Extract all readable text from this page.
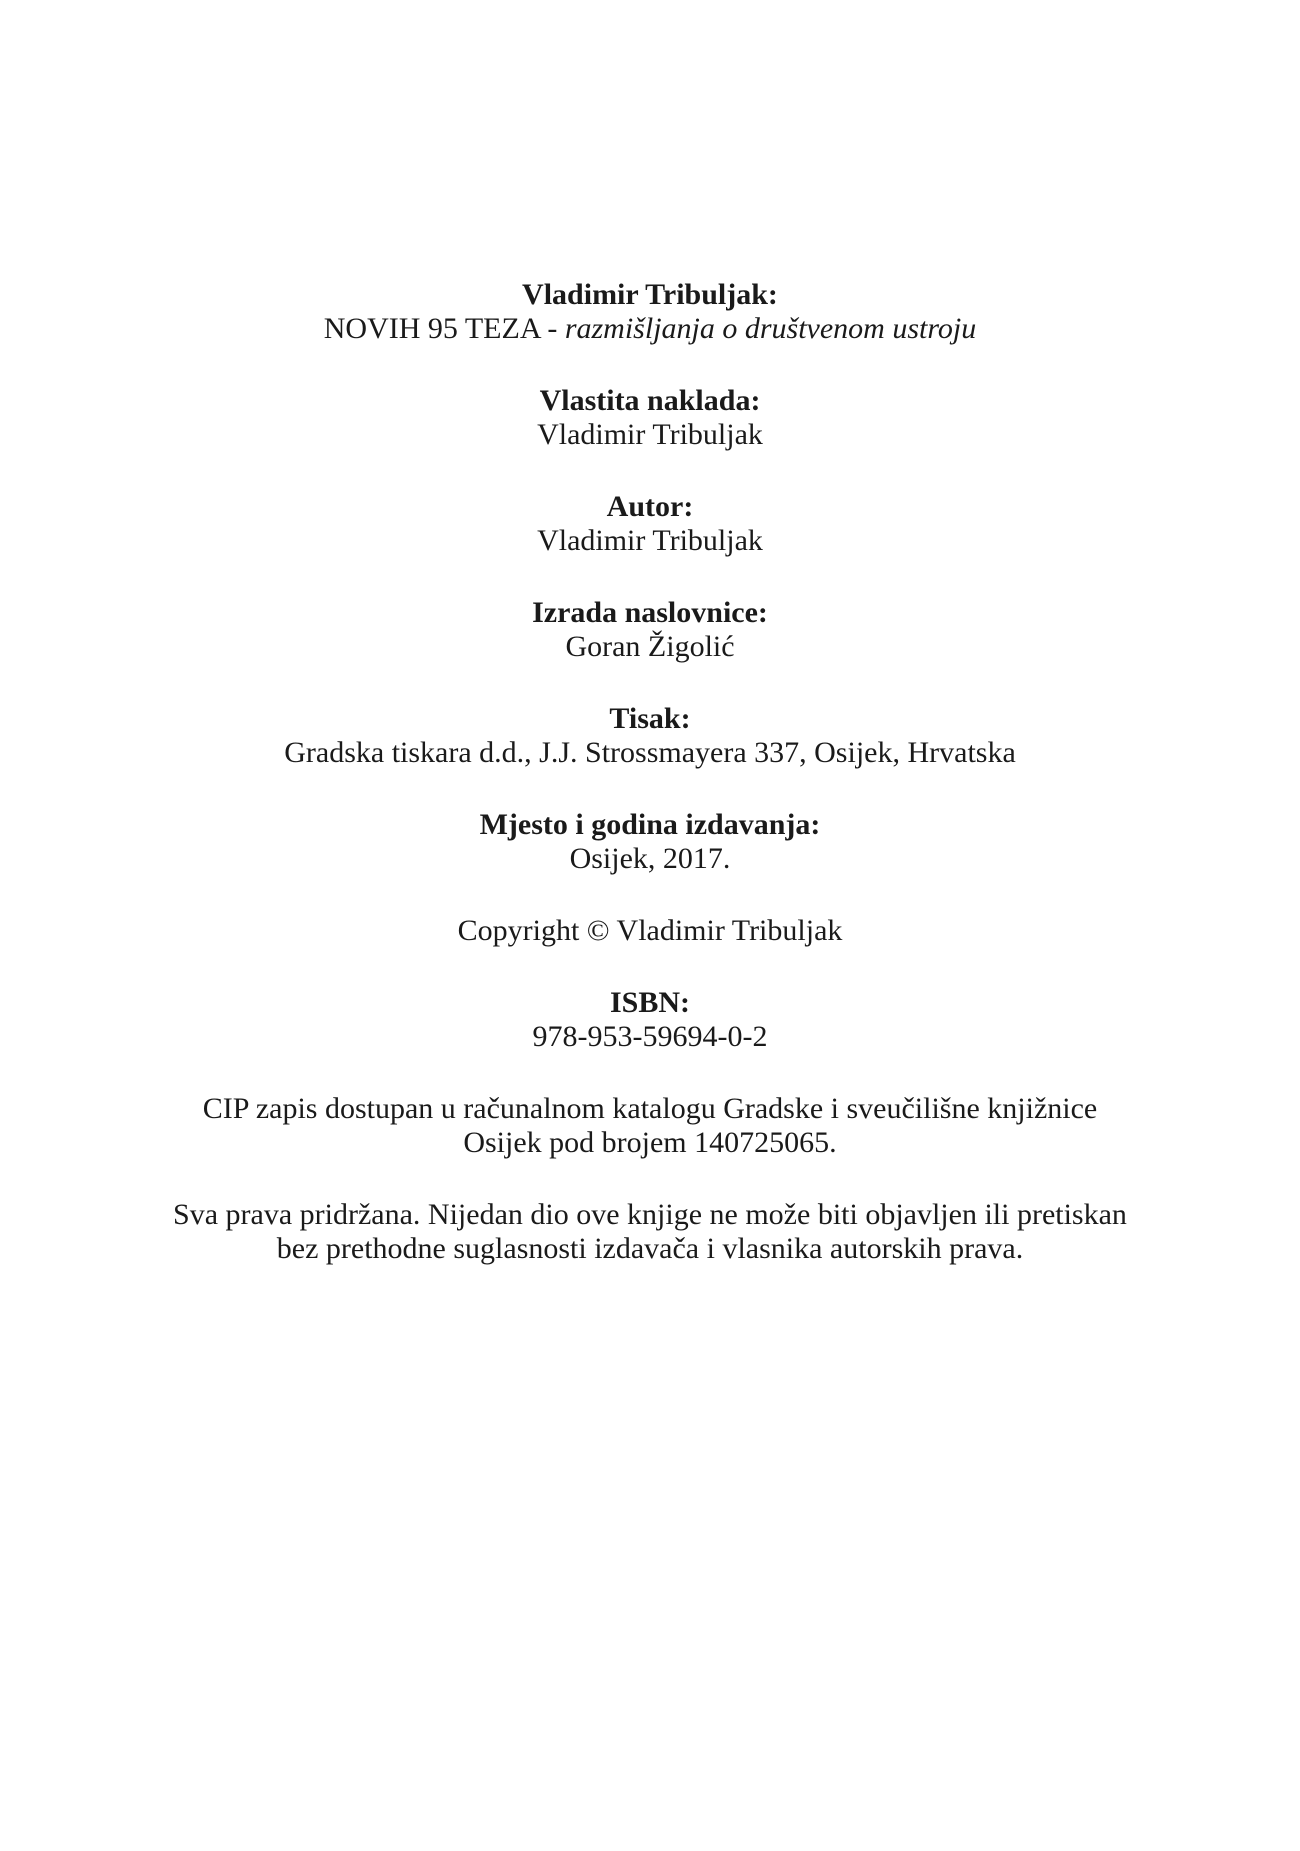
Vladimir Tribuljak:
NOVIH 95 TEZA - razmišljanja o društvenom ustroju
Vlastita naklada:
Vladimir Tribuljak
Autor:
Vladimir Tribuljak
Izrada naslovnice:
Goran Žigolić
Tisak:
Gradska tiskara d.d., J.J. Strossmayera 337, Osijek, Hrvatska
Mjesto i godina izdavanja:
Osijek, 2017.

Copyright © Vladimir Tribuljak

ISBN:
978-953-59694-0-2

CIP zapis dostupan u računalnom katalogu Gradske i sveučilišne knjižnice Osijek pod brojem 140725065.

Sva prava pridržana. Nijedan dio ove knjige ne može biti objavljen ili pretiskan bez prethodne suglasnosti izdavača i vlasnika autorskih prava.
